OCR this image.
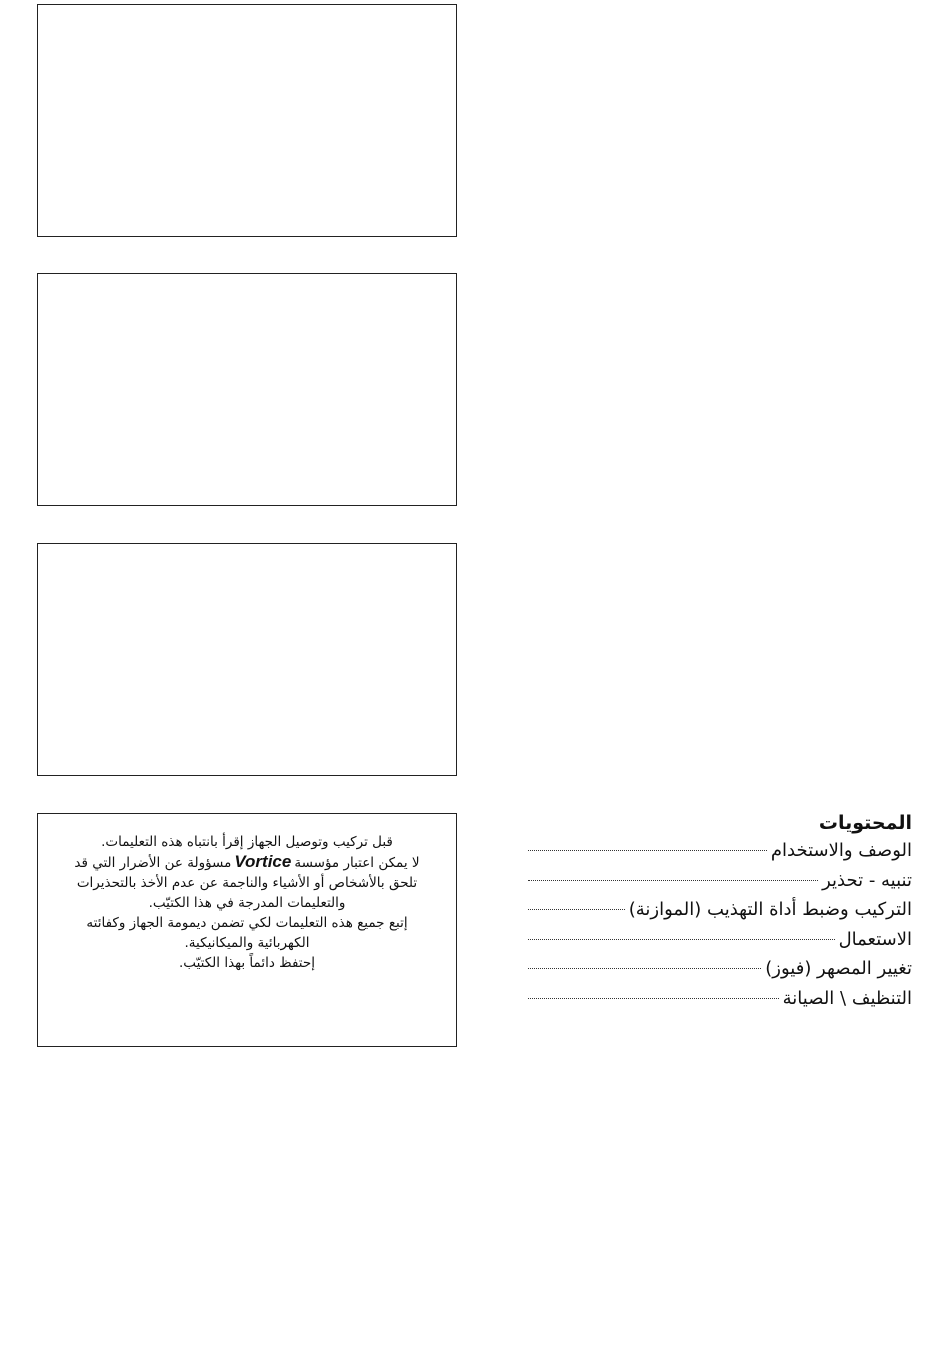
قبل تركيب وتوصيل الجهاز إقرأ بانتباه هذه التعليمات.
لا يمكن اعتبار مؤسسةVorticeمسؤولة عن الأضرار التي قد تلحق بالأشخاص أو الأشياء والناجمة عن عدم الأخذ بالتحذيرات والتعليمات المدرجة في هذا الكتيّب.
إتبع جميع هذه التعليمات لكي تضمن ديمومة الجهاز وكفائته الكهربائية والميكانيكية.
إحتفظ دائماً بهذا الكتيّب.
المحتويات
الوصف والاستخدام
تنبيه - تحذير
التركيب وضبط أداة التهذيب (الموازنة)
الاستعمال
تغيير المصهر (فيوز)
التنظيف \ الصيانة
